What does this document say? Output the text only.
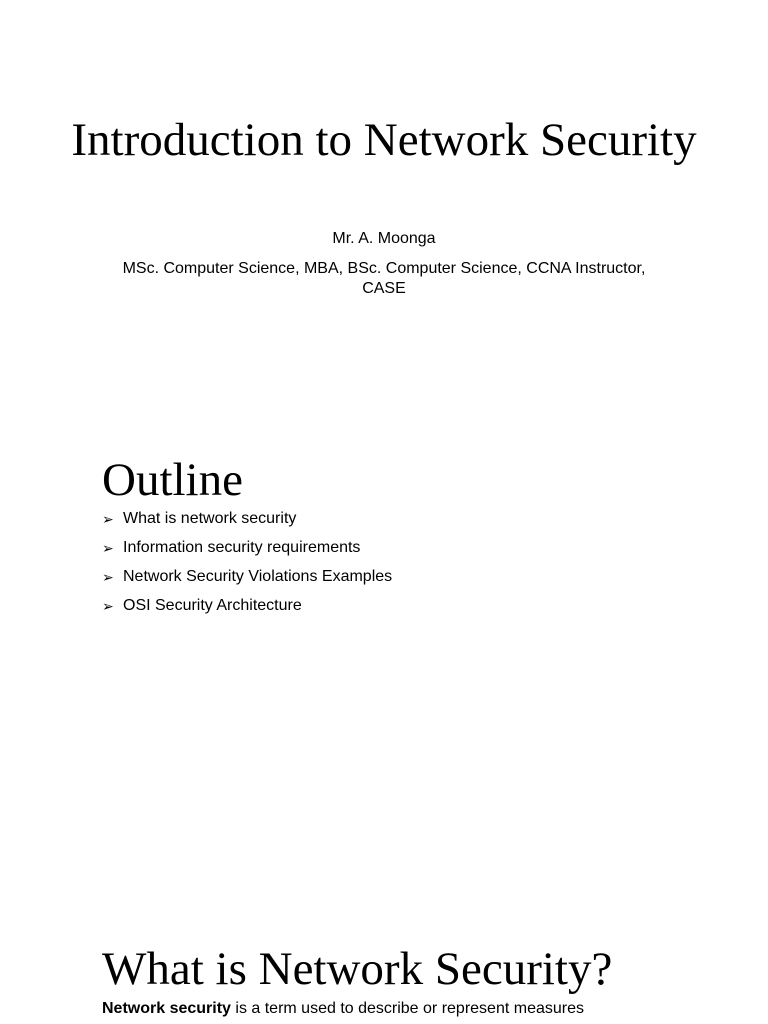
Introduction to Network Security
Mr. A. Moonga
MSc. Computer Science, MBA, BSc. Computer Science, CCNA Instructor, CASE
Outline
➢ What is network security
➢ Information security requirements
➢ Network Security Violations Examples
➢ OSI Security Architecture
What is Network Security?

Network security is a term used to describe or represent measures
